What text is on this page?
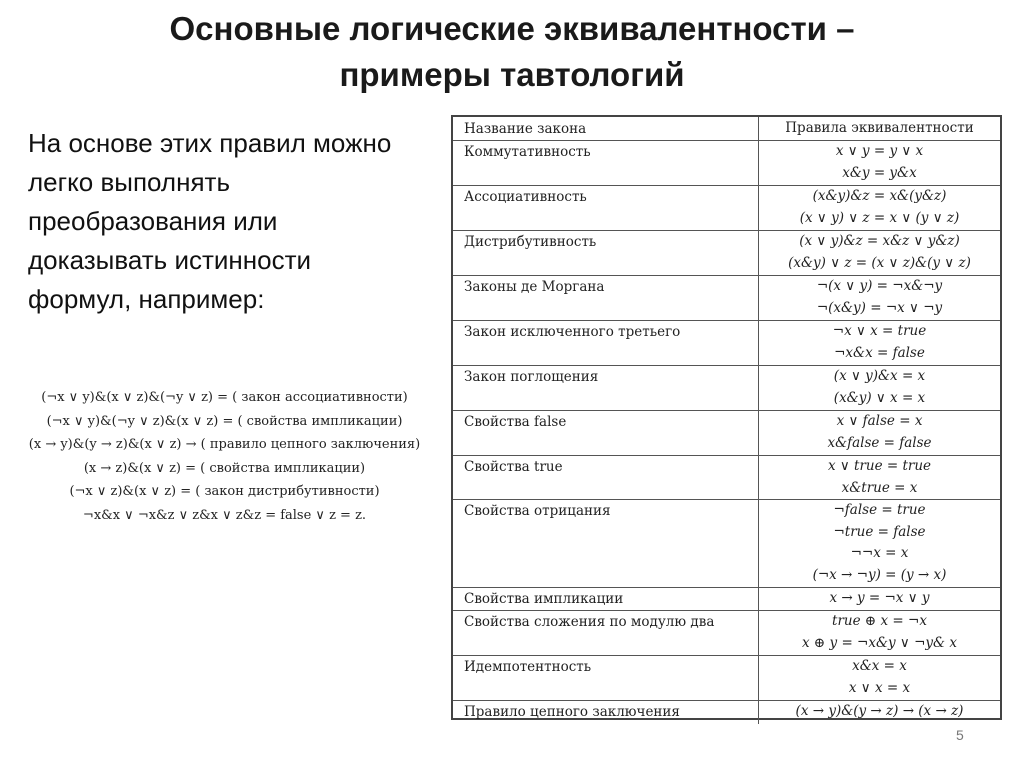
Основные логические эквивалентности –
примеры тавтологий
На основе этих правил можно легко выполнять преобразования или доказывать истинности формул, например:
(¬x ∨ y)&(x ∨ z)&(¬y ∨ z) = ( закон ассоциативности)
(¬x ∨ y)&(¬y ∨ z)&(x ∨ z) = ( свойства импликации)
(x → y)&(y → z)&(x ∨ z) → ( правило цепного заключения)
(x → z)&(x ∨ z) = ( свойства импликации)
(¬x ∨ z)&(x ∨ z) = ( закон дистрибутивности)
¬x&x ∨ ¬x&z ∨ z&x ∨ z&z = false ∨ z = z.
Название закона	Правила эквивалентности
Коммутативность	x ∨ y = y ∨ x
x&y = y&x
Ассоциативность	(x&y)&z = x&(y&z)
(x ∨ y) ∨ z = x ∨ (y ∨ z)
Дистрибутивность	(x ∨ y)&z = x&z ∨ y&z)
(x&y) ∨ z = (x ∨ z)&(y ∨ z)
Законы де Моргана	¬(x ∨ y) = ¬x&¬y
¬(x&y) = ¬x ∨ ¬y
Закон исключенного третьего	¬x ∨ x = true
¬x&x = false
Закон поглощения	(x ∨ y)&x = x
(x&y) ∨ x = x
Свойства false	x ∨ false = x
x&false = false
Свойства true	x ∨ true = true
x&true = x
Свойства отрицания	¬false = true
¬true = false
¬¬x = x
(¬x → ¬y) = (y → x)
Свойства импликации	x → y = ¬x ∨ y
Свойства сложения по модулю два	true ⊕ x = ¬x
x ⊕ y = ¬x&y ∨ ¬y& x
Идемпотентность	x&x = x
x ∨ x = x
Правило цепного заключения	(x → y)&(y → z) → (x → z)
5
